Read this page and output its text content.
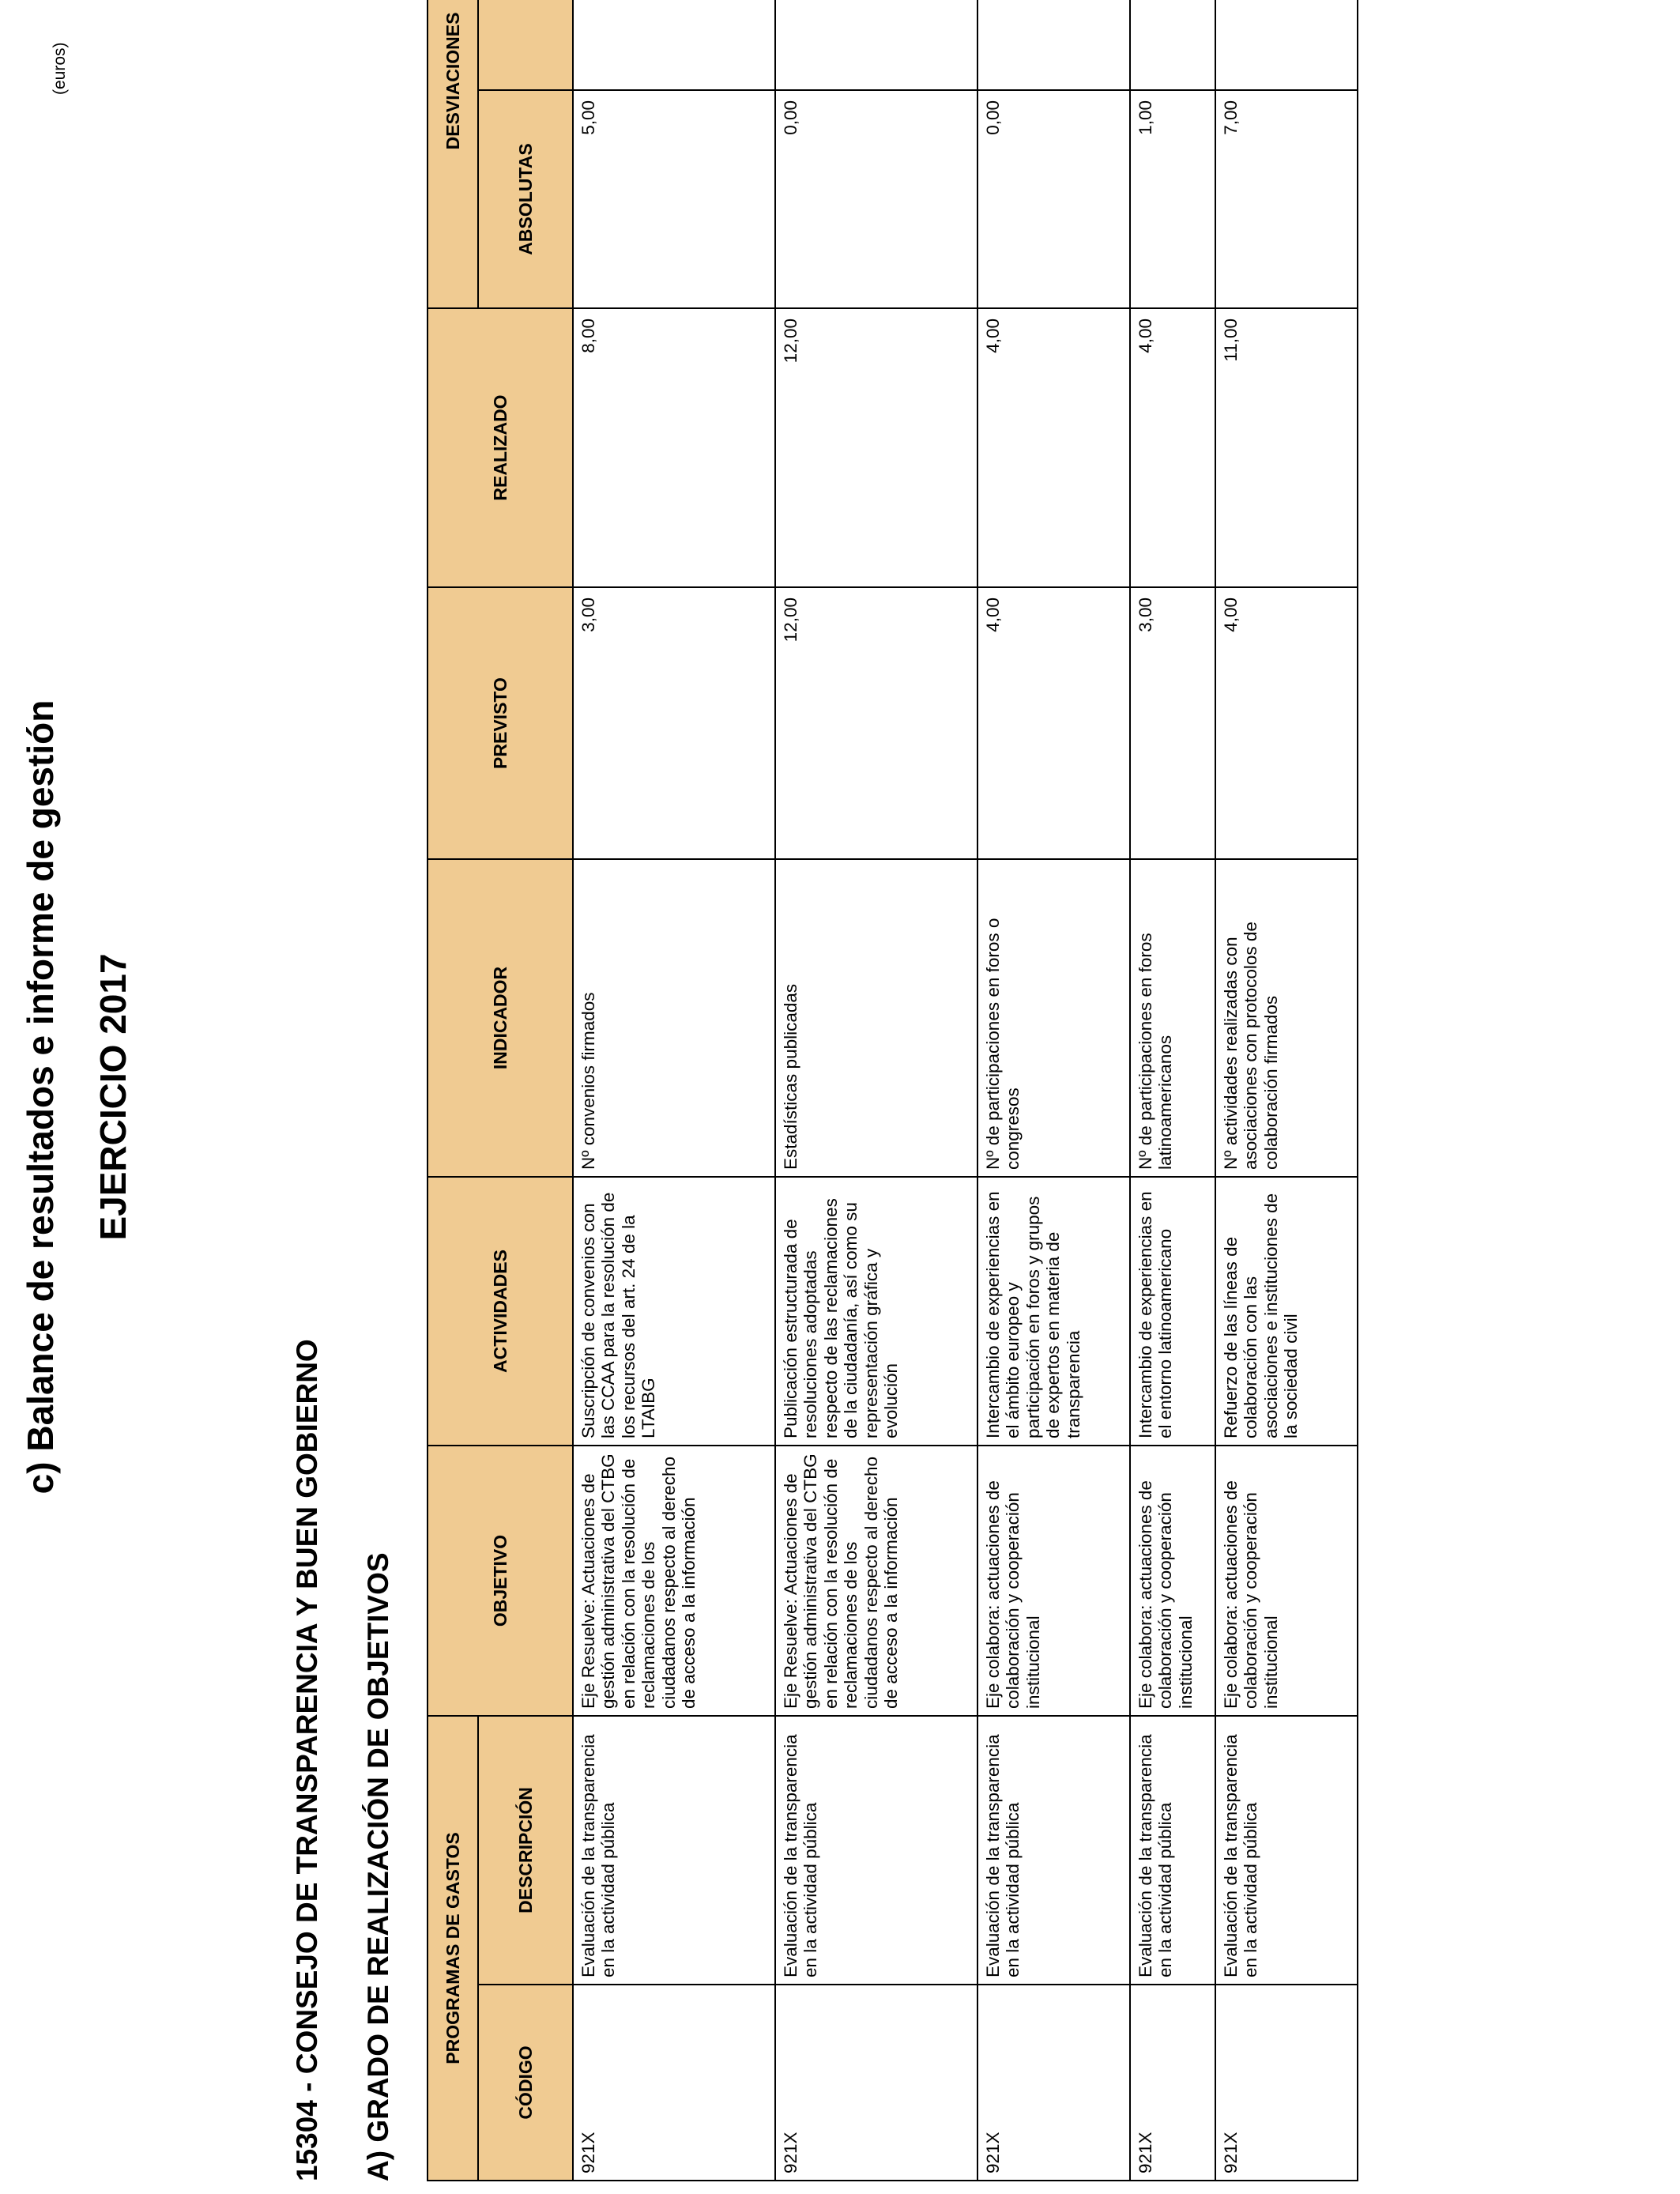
c) Balance de resultados e informe de gestión EJERCICIO 2017
15304 - CONSEJO DE TRANSPARENCIA Y BUEN GOBIERNO A) GRADO DE REALIZACIÓN DE OBJETIVOS
(euros)
PROGRAMAS DE GASTOS		OBJETIVO	ACTIVIDADES	INDICADOR	PREVISTO	REALIZADO	DESVIACIONES	
CÓDIGO	DESCRIPCIÓN						ABSOLUTAS	
921X	Evaluación de la transparencia en la actividad pública	Eje Resuelve: Actuaciones de gestión administrativa del CTBG en relación con la resolución de reclamaciones de los ciudadanos respecto al derecho de acceso a la información	Suscripción de convenios con las CCAA para la resolución de los recursos del art. 24 de la LTAIBG	Nº convenios firmados	3,00	8,00	5,00	
921X	Evaluación de la transparencia en la actividad pública	Eje Resuelve: Actuaciones de gestión administrativa del CTBG en relación con la resolución de reclamaciones de los ciudadanos respecto al derecho de acceso a la información	Publicación estructurada de resoluciones adoptadas respecto de las reclamaciones de la ciudadanía, así como su representación gráfica y evolución	Estadísticas publicadas	12,00	12,00	0,00	
921X	Evaluación de la transparencia en la actividad pública	Eje colabora: actuaciones de colaboración y cooperación institucional	Intercambio de experiencias en el ámbito europeo y participación en foros y grupos de expertos en materia de transparencia	Nº de participaciones en foros o congresos	4,00	4,00	0,00	
921X	Evaluación de la transparencia en la actividad pública	Eje colabora: actuaciones de colaboración y cooperación institucional	Intercambio de experiencias en el entorno latinoamericano	Nº de participaciones en foros latinoamericanos	3,00	4,00	1,00	
921X	Evaluación de la transparencia en la actividad pública	Eje colabora: actuaciones de colaboración y cooperación institucional	Refuerzo de las líneas de colaboración con las asociaciones e instituciones de la sociedad civil	Nº actividades realizadas con asociaciones con protocolos de colaboración firmados	4,00	11,00	7,00	
